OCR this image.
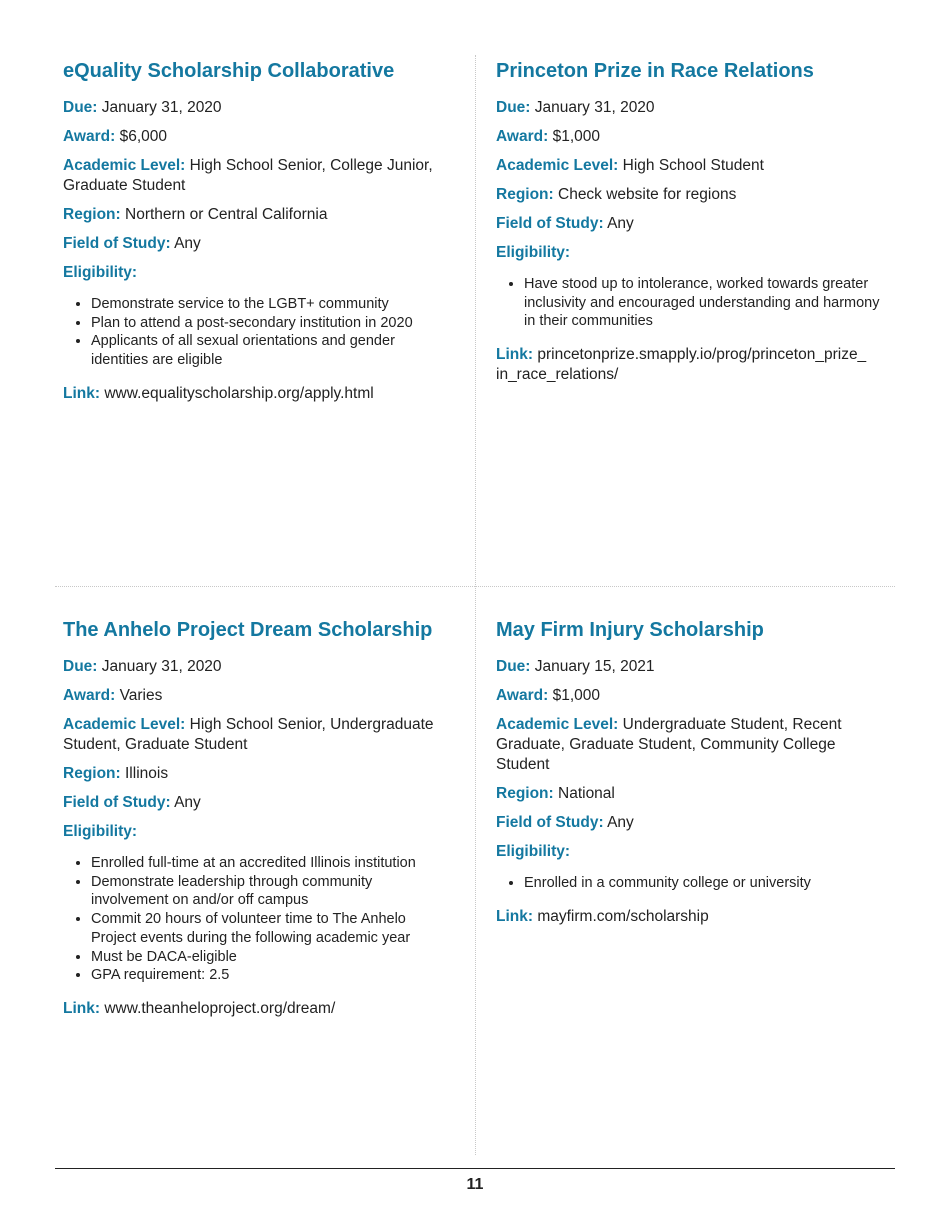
eQuality Scholarship Collaborative

Due: January 31, 2020

Award: $6,000

Academic Level: High School Senior, College Junior, Graduate Student

Region: Northern or Central California

Field of Study: Any

Eligibility:

• Demonstrate service to the LGBT+ community
• Plan to attend a post-secondary institution in 2020
• Applicants of all sexual orientations and gender identities are eligible

Link: www.equalityscholarship.org/apply.html

Princeton Prize in Race Relations

Due: January 31, 2020

Award: $1,000

Academic Level: High School Student

Region: Check website for regions

Field of Study: Any

Eligibility:

• Have stood up to intolerance, worked towards greater inclusivity and encouraged understanding and harmony in their communities

Link: princetonprize.smapply.io/prog/princeton_prize_ in_race_relations/

The Anhelo Project Dream Scholarship

Due: January 31, 2020

Award: Varies

Academic Level: High School Senior, Undergraduate Student, Graduate Student

Region: Illinois

Field of Study: Any

Eligibility:

• Enrolled full-time at an accredited Illinois institution
• Demonstrate leadership through community involvement on and/or off campus
• Commit 20 hours of volunteer time to The Anhelo Project events during the following academic year
• Must be DACA-eligible
• GPA requirement: 2.5

Link: www.theanheloproject.org/dream/

May Firm Injury Scholarship

Due: January 15, 2021

Award: $1,000

Academic Level: Undergraduate Student, Recent Graduate, Graduate Student, Community College Student

Region: National

Field of Study: Any

Eligibility:

• Enrolled in a community college or university

Link: mayfirm.com/scholarship

11
